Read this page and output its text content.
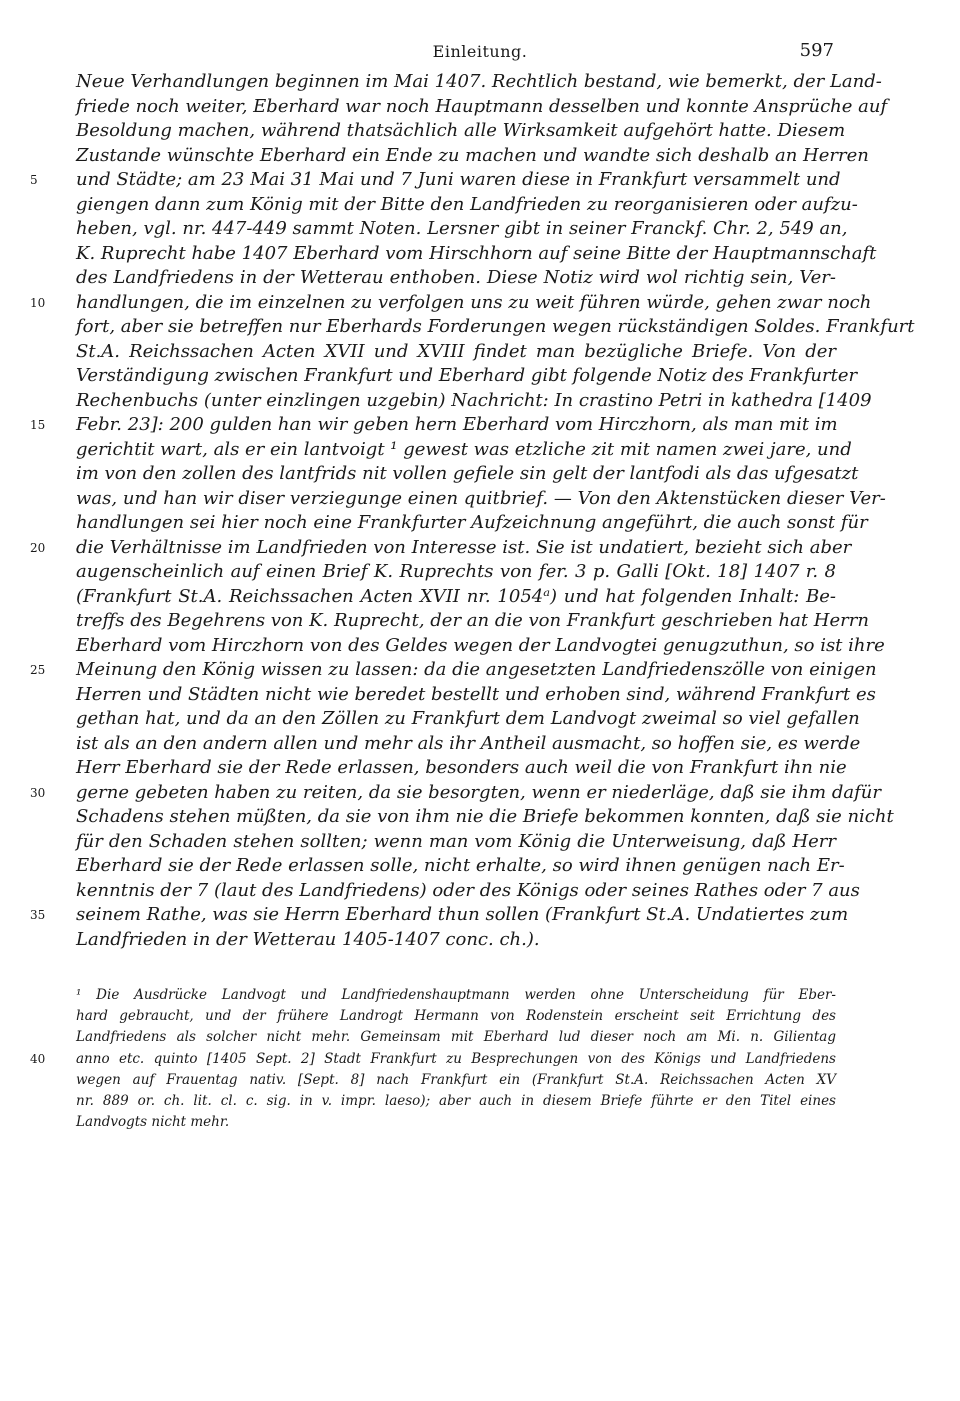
Einleitung.	597
Neue Verhandlungen beginnen im Mai 1407. Rechtlich bestand, wie bemerkt, der Land-
friede noch weiter, Eberhard war noch Hauptmann desselben und konnte Ansprüche auf
Besoldung machen, während thatsächlich alle Wirksamkeit aufgehört hatte. Diesem
Zustande wünschte Eberhard ein Ende zu machen und wandte sich deshalb an Herren
und Städte; am 23 Mai 31 Mai und 7 Juni waren diese in Frankfurt versammelt und
5
giengen dann zum König mit der Bitte den Landfrieden zu reorganisieren oder aufzu-
heben, vgl. nr. 447-449 sammt Noten. Lersner gibt in seiner Franckf. Chr. 2, 549 an,
K. Ruprecht habe 1407 Eberhard vom Hirschhorn auf seine Bitte der Hauptmannschaft
des Landfriedens in der Wetterau enthoben. Diese Notiz wird wol richtig sein, Ver-
handlungen, die im einzelnen zu verfolgen uns zu weit führen würde, gehen zwar noch
10
fort, aber sie betreffen nur Eberhards Forderungen wegen rückständigen Soldes. Frankfurt
St.A. Reichssachen Acten XVII und XVIII findet man bezügliche Briefe. Von der
Verständigung zwischen Frankfurt und Eberhard gibt folgende Notiz des Frankfurter
Rechenbuchs (unter einzlingen uzgebin) Nachricht: In crastino Petri in kathedra [1409
Febr. 23]: 200 gulden han wir geben hern Eberhard vom Hirczhorn, als man mit im
15
gerichtit wart, als er ein lantvoigt ¹ gewest was etzliche zit mit namen zwei jare, und
im von den zollen des lantfrids nit vollen gefiele sin gelt der lantfodi als das ufgesatzt
was, und han wir diser verziegunge einen quitbrief. — Von den Aktenstücken dieser Ver-
handlungen sei hier noch eine Frankfurter Aufzeichnung angeführt, die auch sonst für
die Verhältnisse im Landfrieden von Interesse ist. Sie ist undatiert, bezieht sich aber
20
augenscheinlich auf einen Brief K. Ruprechts von fer. 3 p. Galli [Okt. 18] 1407 r. 8
(Frankfurt St.A. Reichssachen Acten XVII nr. 1054ᵃ) und hat folgenden Inhalt: Be-
treffs des Begehrens von K. Ruprecht, der an die von Frankfurt geschrieben hat Herrn
Eberhard vom Hirczhorn von des Geldes wegen der Landvogtei genugzuthun, so ist ihre
Meinung den König wissen zu lassen: da die angesetzten Landfriedenszölle von einigen
25
Herren und Städten nicht wie beredet bestellt und erhoben sind, während Frankfurt es
gethan hat, und da an den Zöllen zu Frankfurt dem Landvogt zweimal so viel gefallen
ist als an den andern allen und mehr als ihr Antheil ausmacht, so hoffen sie, es werde
Herr Eberhard sie der Rede erlassen, besonders auch weil die von Frankfurt ihn nie
gerne gebeten haben zu reiten, da sie besorgten, wenn er niederläge, daß sie ihm dafür
30
Schadens stehen müßten, da sie von ihm nie die Briefe bekommen konnten, daß sie nicht
für den Schaden stehen sollten; wenn man vom König die Unterweisung, daß Herr
Eberhard sie der Rede erlassen solle, nicht erhalte, so wird ihnen genügen nach Er-
kenntnis der 7 (laut des Landfriedens) oder des Königs oder seines Rathes oder 7 aus
seinem Rathe, was sie Herrn Eberhard thun sollen (Frankfurt St.A. Undatiertes zum
35
Landfrieden in der Wetterau 1405-1407 conc. ch.).
¹ Die Ausdrücke Landvogt und Landfriedenshauptmann werden ohne Unterscheidung für Eber-
hard gebraucht, und der frühere Landrogt Hermann von Rodenstein erscheint seit Errichtung des
Landfriedens als solcher nicht mehr. Gemeinsam mit Eberhard lud dieser noch am Mi. n. Gilientag
anno etc. quinto [1405 Sept. 2] Stadt Frankfurt zu Besprechungen von des Königs und Landfriedens
40
wegen auf Frauentag nativ. [Sept. 8] nach Frankfurt ein (Frankfurt St.A. Reichssachen Acten XV
nr. 889 or. ch. lit. cl. c. sig. in v. impr. laeso); aber auch in diesem Briefe führte er den Titel eines
Landvogts nicht mehr.
